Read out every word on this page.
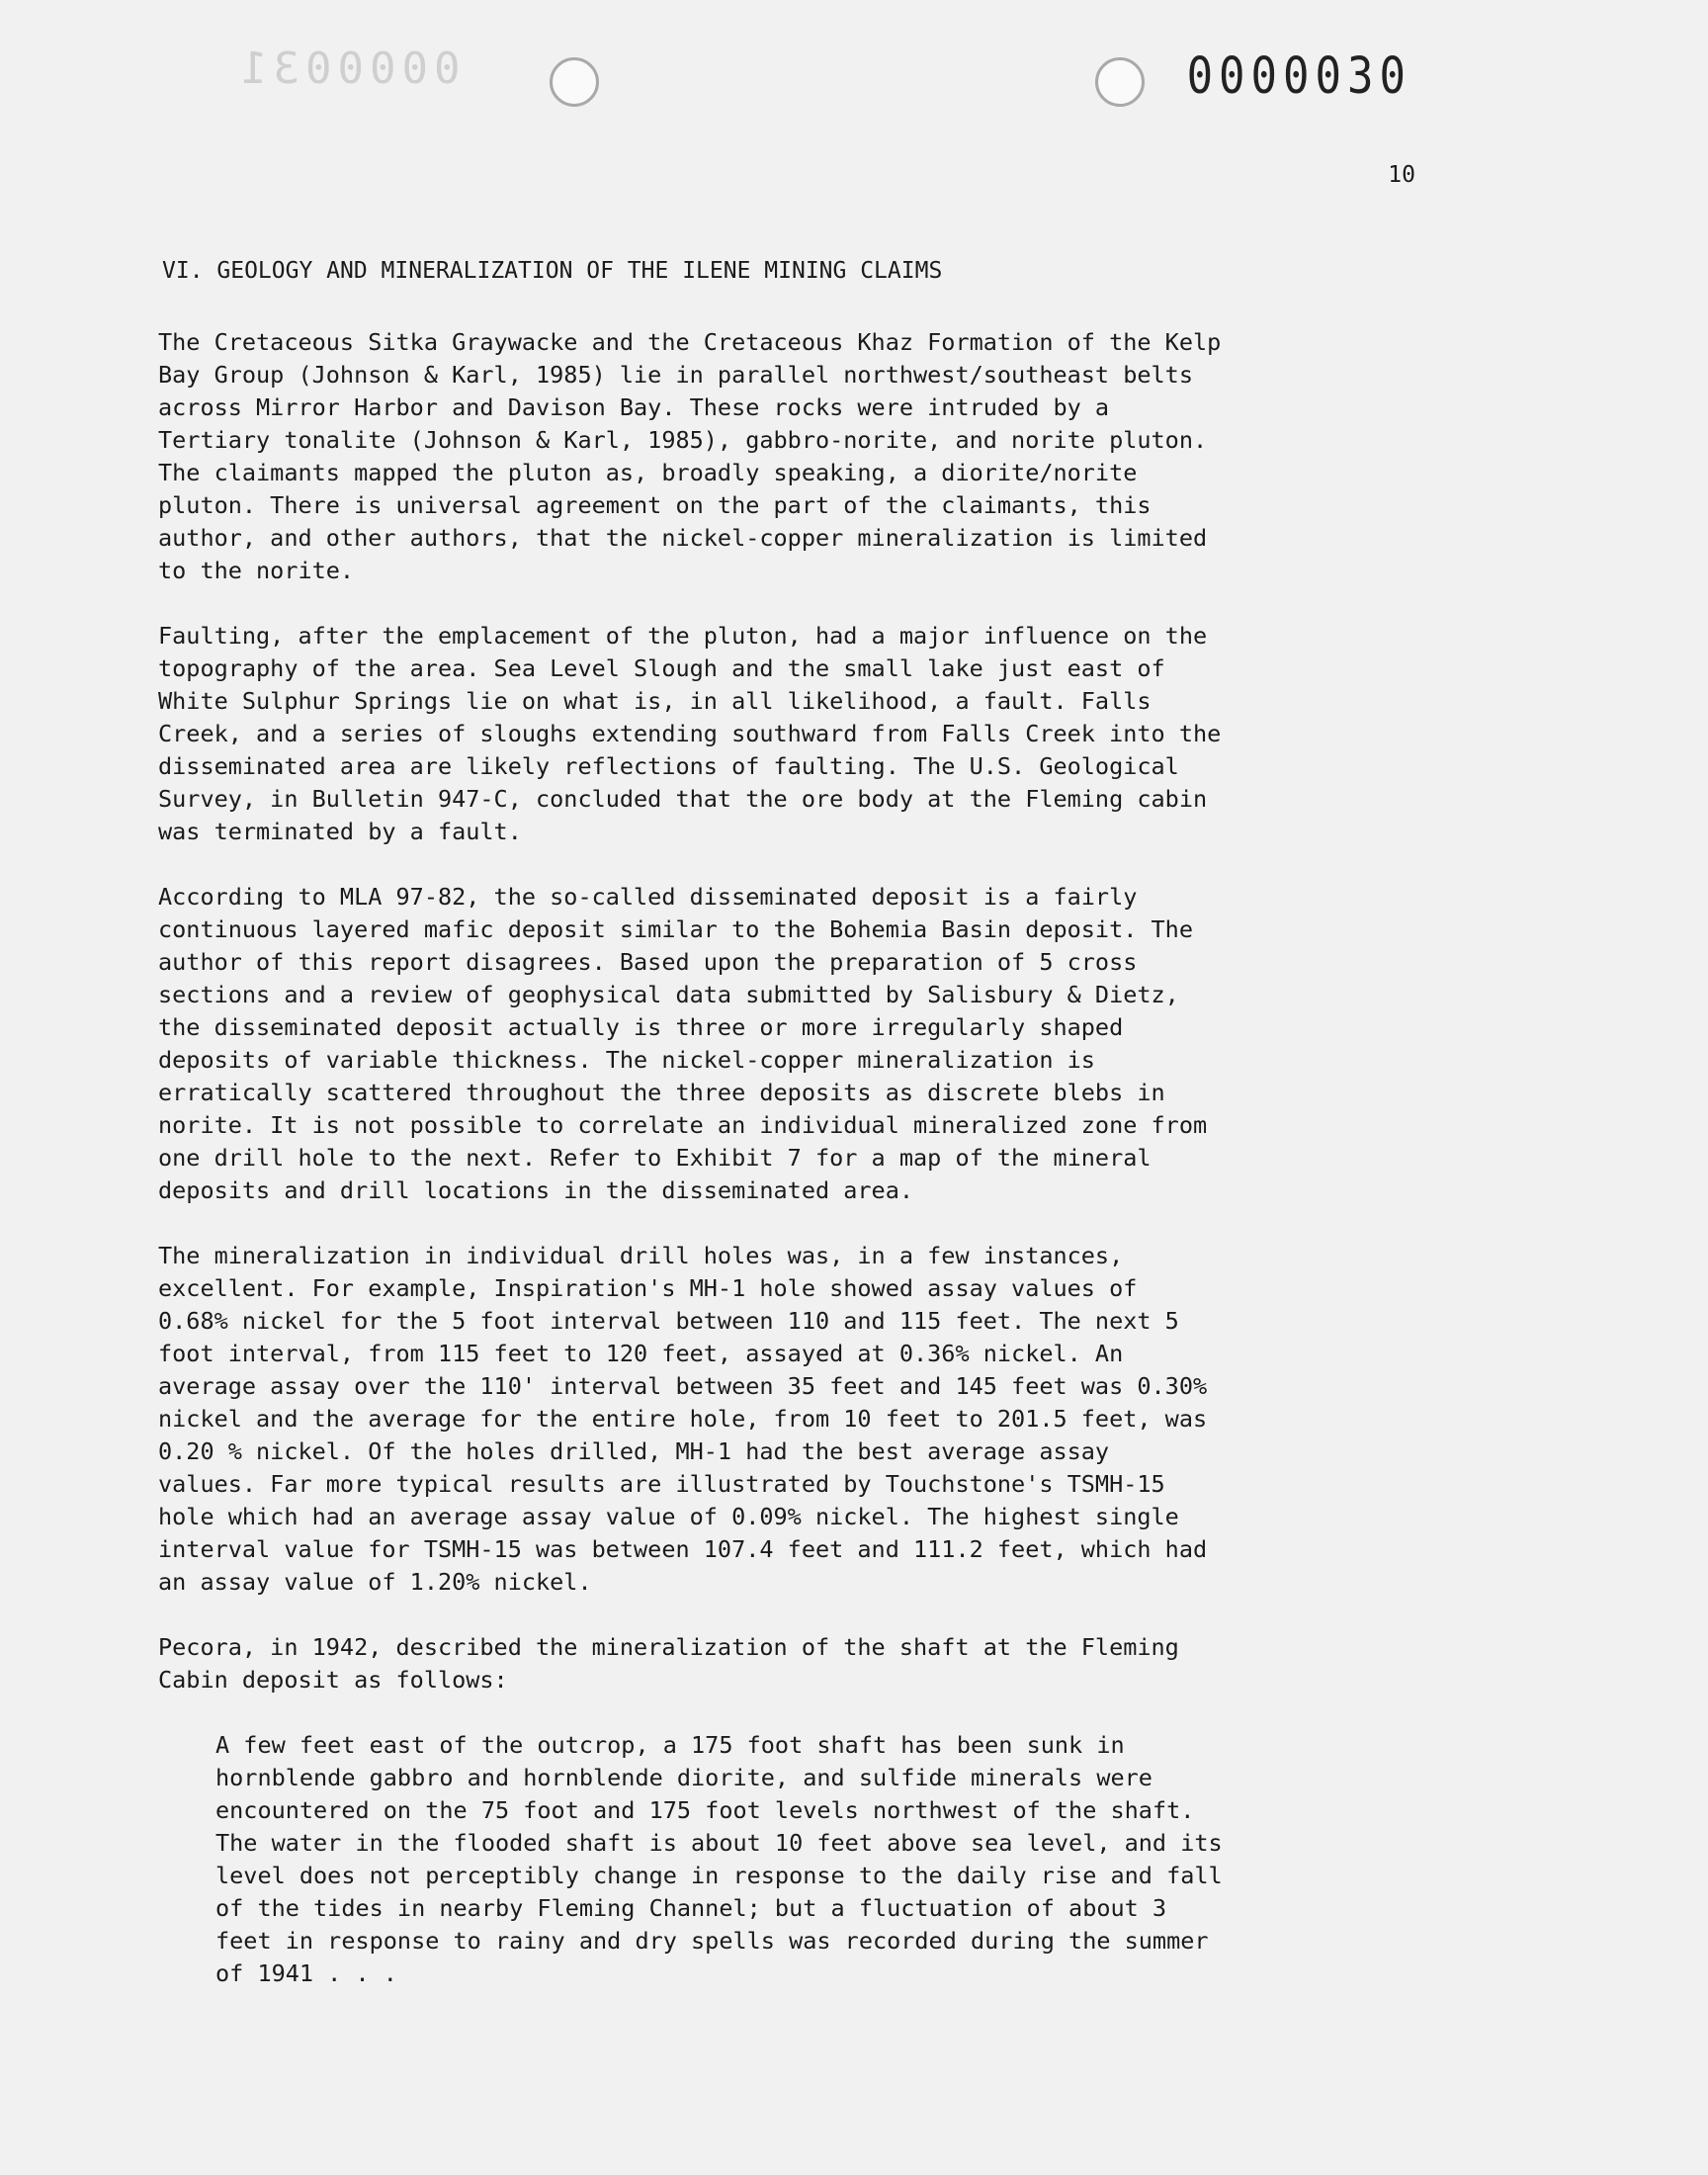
0000031	0000030
10
VI. GEOLOGY AND MINERALIZATION OF THE ILENE MINING CLAIMS
The Cretaceous Sitka Graywacke and the Cretaceous Khaz Formation of the Kelp
Bay Group (Johnson & Karl, 1985) lie in parallel northwest/southeast belts
across Mirror Harbor and Davison Bay. These rocks were intruded by a
Tertiary tonalite (Johnson & Karl, 1985), gabbro-norite, and norite pluton.
The claimants mapped the pluton as, broadly speaking, a diorite/norite
pluton. There is universal agreement on the part of the claimants, this
author, and other authors, that the nickel-copper mineralization is limited
to the norite.
Faulting, after the emplacement of the pluton, had a major influence on the
topography of the area. Sea Level Slough and the small lake just east of
White Sulphur Springs lie on what is, in all likelihood, a fault. Falls
Creek, and a series of sloughs extending southward from Falls Creek into the
disseminated area are likely reflections of faulting. The U.S. Geological
Survey, in Bulletin 947-C, concluded that the ore body at the Fleming cabin
was terminated by a fault.
According to MLA 97-82, the so-called disseminated deposit is a fairly
continuous layered mafic deposit similar to the Bohemia Basin deposit. The
author of this report disagrees. Based upon the preparation of 5 cross
sections and a review of geophysical data submitted by Salisbury & Dietz,
the disseminated deposit actually is three or more irregularly shaped
deposits of variable thickness. The nickel-copper mineralization is
erratically scattered throughout the three deposits as discrete blebs in
norite. It is not possible to correlate an individual mineralized zone from
one drill hole to the next. Refer to Exhibit 7 for a map of the mineral
deposits and drill locations in the disseminated area.
The mineralization in individual drill holes was, in a few instances,
excellent. For example, Inspiration's MH-1 hole showed assay values of
0.68% nickel for the 5 foot interval between 110 and 115 feet. The next 5
foot interval, from 115 feet to 120 feet, assayed at 0.36% nickel. An
average assay over the 110' interval between 35 feet and 145 feet was 0.30%
nickel and the average for the entire hole, from 10 feet to 201.5 feet, was
0.20 % nickel. Of the holes drilled, MH-1 had the best average assay
values. Far more typical results are illustrated by Touchstone's TSMH-15
hole which had an average assay value of 0.09% nickel. The highest single
interval value for TSMH-15 was between 107.4 feet and 111.2 feet, which had
an assay value of 1.20% nickel.
Pecora, in 1942, described the mineralization of the shaft at the Fleming
Cabin deposit as follows:
A few feet east of the outcrop, a 175 foot shaft has been sunk in
hornblende gabbro and hornblende diorite, and sulfide minerals were
encountered on the 75 foot and 175 foot levels northwest of the shaft.
The water in the flooded shaft is about 10 feet above sea level, and its
level does not perceptibly change in response to the daily rise and fall
of the tides in nearby Fleming Channel; but a fluctuation of about 3
feet in response to rainy and dry spells was recorded during the summer
of 1941 . . .
